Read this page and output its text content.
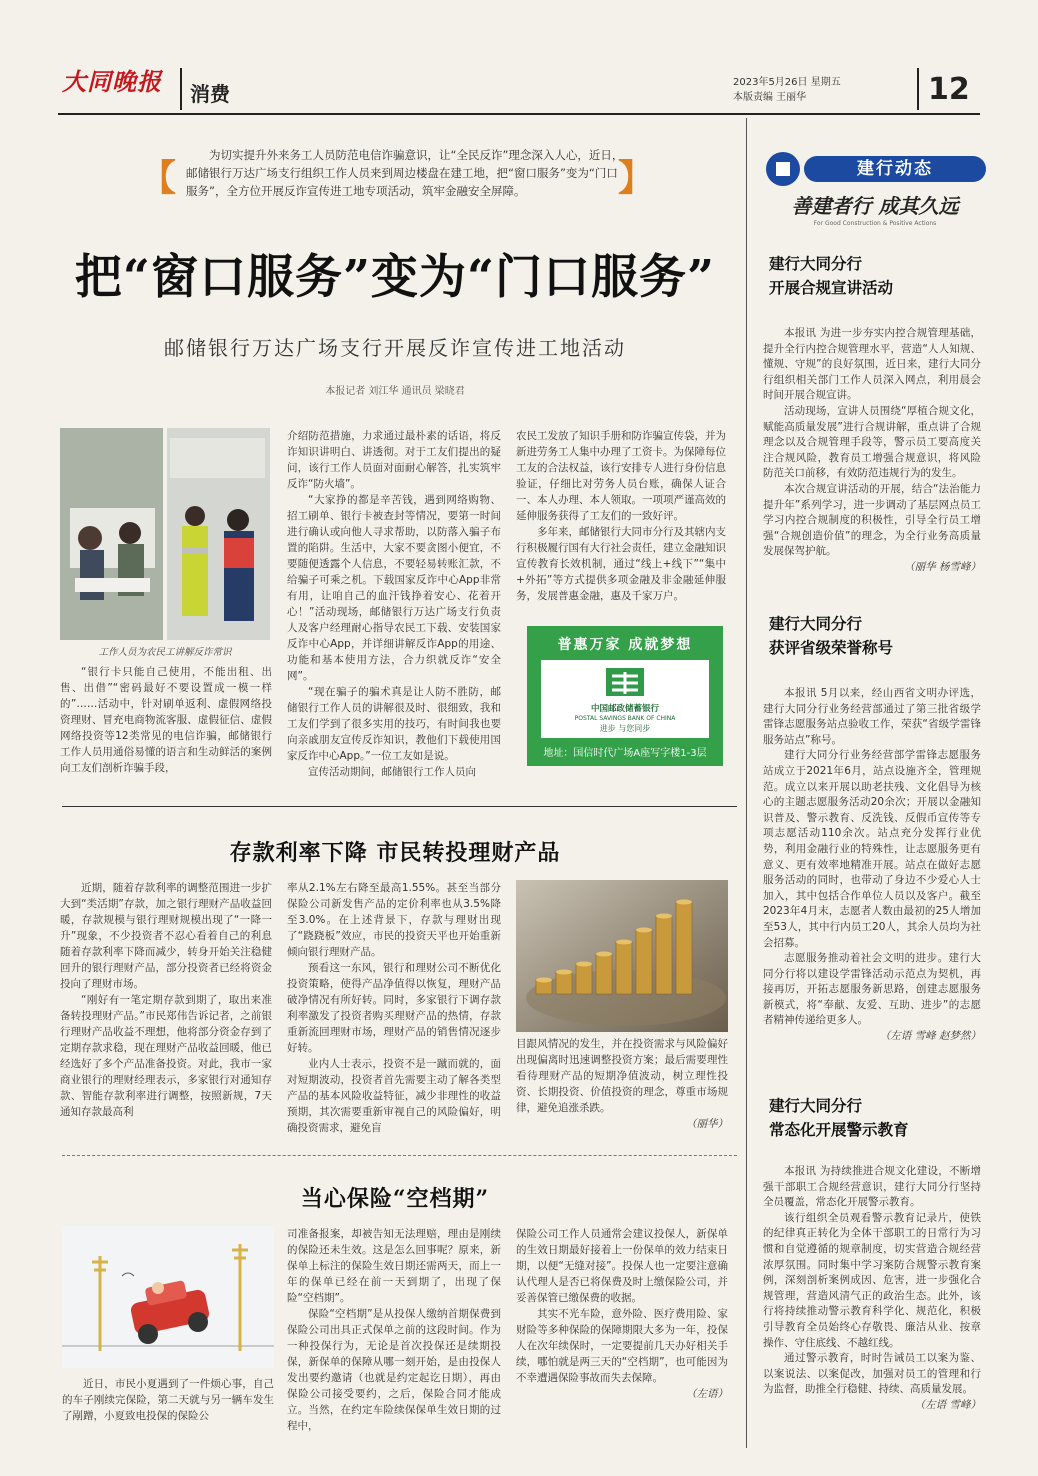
大同晚报	消费	2023年5月26日 星期五
本版责编 王丽华	12
【	】
为切实提升外来务工人员防范电信诈骗意识，让“全民反诈”理念深入人心，近日，邮储银行万达广场支行组织工作人员来到周边楼盘在建工地，把“窗口服务”变为“门口服务”，全方位开展反诈宣传进工地专项活动，筑牢金融安全屏障。
把“窗口服务”变为“门口服务”
邮储银行万达广场支行开展反诈宣传进工地活动
本报记者 刘江华 通讯员 梁晓君
工作人员为农民工讲解反诈常识

“银行卡只能自己使用，不能出租、出售、出借”“密码最好不要设置成一模一样的”……活动中，针对刷单返利、虚假网络投资理财、冒充电商物流客服、虚假征信、虚假网络投资等12类常见的电信诈骗，邮储银行工作人员用通俗易懂的语言和生动鲜活的案例向工友们剖析诈骗手段，

介绍防范措施，力求通过最朴素的话语，将反诈知识讲明白、讲透彻。对于工友们提出的疑问，该行工作人员面对面耐心解答，扎实筑牢反诈“防火墙”。

“大家挣的都是辛苦钱，遇到网络购物、招工刷单、银行卡被查封等情况，要第一时间进行确认或向他人寻求帮助，以防落入骗子布置的陷阱。生活中，大家不要贪图小便宜，不要随便透露个人信息，不要轻易转账汇款，不给骗子可乘之机。下载国家反诈中心App非常有用，让咱自己的血汗钱挣着安心、花着开心！”活动现场，邮储银行万达广场支行负责人及客户经理耐心指导农民工下载、安装国家反诈中心App，并详细讲解反诈App的用途、功能和基本使用方法，合力织就反诈“安全网”。

“现在骗子的骗术真是让人防不胜防，邮储银行工作人员的讲解很及时、很细致，我和工友们学到了很多实用的技巧，有时间我也要向亲戚朋友宣传反诈知识，教他们下载使用国家反诈中心App。”一位工友如是说。

宣传活动期间，邮储银行工作人员向

农民工发放了知识手册和防诈骗宣传袋，并为新进劳务工人集中办理了工资卡。为保障每位工友的合法权益，该行安排专人进行身份信息验证，仔细比对劳务人员台账，确保人证合一、本人办理、本人领取。一项项严谨高效的延伸服务获得了工友们的一致好评。

多年来，邮储银行大同市分行及其辖内支行积极履行国有大行社会责任，建立金融知识宣传教育长效机制，通过“线上+线下”“集中+外拓”等方式提供多项金融及非金融延伸服务，发展普惠金融，惠及千家万户。

普惠万家 成就梦想
中国邮政储蓄银行
POSTAL SAVINGS BANK OF CHINA
进步 与您同步
地址：国信时代广场A座写字楼1-3层
存款利率下降 市民转投理财产品

近期，随着存款利率的调整范围进一步扩大到“类活期”存款，加之银行理财产品收益回暖，存款规模与银行理财规模出现了“一降一升”现象，不少投资者不忍心看着自己的利息随着存款利率下降而减少，转身开始关注稳健回升的银行理财产品，部分投资者已经将资金投向了理财市场。

“刚好有一笔定期存款到期了，取出来准备转投理财产品。”市民郑伟告诉记者，之前银行理财产品收益不理想，他将部分资金存到了定期存款求稳，现在理财产品收益回暖，他已经选好了多个产品准备投资。对此，我市一家商业银行的理财经理表示，多家银行对通知存款、智能存款利率进行调整，按照新规，7天通知存款最高利

率从2.1%左右降至最高1.55%。甚至当部分保险公司新发售产品的定价利率也从3.5%降至3.0%。在上述背景下，存款与理财出现了“跷跷板”效应，市民的投资天平也开始重新倾向银行理财产品。

预看这一东风，银行和理财公司不断优化投资策略，使得产品净值得以恢复，理财产品破净情况有所好转。同时，多家银行下调存款利率激发了投资者购买理财产品的热情，存款重新流回理财市场，理财产品的销售情况逐步好转。

业内人士表示，投资不是一蹴而就的，面对短期波动，投资者首先需要主动了解各类型产品的基本风险收益特征，减少非理性的收益预期，其次需要重新审视自己的风险偏好，明确投资需求，避免盲

目跟风情况的发生，并在投资需求与风险偏好出现偏离时迅速调整投资方案；最后需要理性看待理财产品的短期净值波动，树立理性投资、长期投资、价值投资的理念，尊重市场规律，避免追涨杀跌。

（丽华）
当心保险“空档期”

近日，市民小夏遇到了一件烦心事，自己的车子刚续完保险，第二天就与另一辆车发生了剐蹭，小夏致电投保的保险公

司准备报案，却被告知无法理赔，理由是刚续的保险还未生效。这是怎么回事呢？原来，新保单上标注的保险生效日期还需两天，而上一年的保单已经在前一天到期了，出现了保险“空档期”。

保险“空档期”是从投保人缴纳首期保费到保险公司出具正式保单之前的这段时间。作为一种投保行为，无论是首次投保还是续期投保，新保单的保障从哪一刻开始，是由投保人发出要约邀请（也就是约定起讫日期），再由保险公司接受要约，之后，保险合同才能成立。当然，在约定车险续保保单生效日期的过程中，

保险公司工作人员通常会建议投保人，新保单的生效日期最好接着上一份保单的效力结束日期，以便“无缝对接”。投保人也一定要注意确认代理人是否已将保费及时上缴保险公司，并妥善保管已缴保费的收据。

其实不光车险，意外险、医疗费用险、家财险等多种保险的保障期限大多为一年，投保人在次年续保时，一定要提前几天办好相关手续，哪怕就是两三天的“空档期”，也可能因为不幸遭遇保险事故而失去保障。

（左语）
建行动态
善建者行 成其久远
For Good Construction & Positive Actions
建行大同分行
开展合规宣讲活动

本报讯 为进一步夯实内控合规管理基础，提升全行内控合规管理水平，营造“人人知规、懂规、守规”的良好氛围，近日来，建行大同分行组织相关部门工作人员深入网点，利用晨会时间开展合规宣讲。

活动现场，宣讲人员围绕“厚植合规文化，赋能高质量发展”进行合规讲解，重点讲了合规理念以及合规管理手段等，警示员工要高度关注合规风险，教育员工增强合规意识，将风险防范关口前移，有效防范违规行为的发生。

本次合规宣讲活动的开展，结合“法治能力提升年”系列学习，进一步调动了基层网点员工学习内控合规制度的积极性，引导全行员工增强“合规创造价值”的理念，为全行业务高质量发展保驾护航。

（丽华 杨雪峰）
建行大同分行
获评省级荣誉称号

本报讯 5月以来，经山西省文明办评选，建行大同分行业务经营部通过了第三批省级学雷锋志愿服务站点验收工作，荣获“省级学雷锋服务站点”称号。

建行大同分行业务经营部学雷锋志愿服务站成立于2021年6月，站点设施齐全，管理规范。成立以来开展以助老扶残、文化倡导为核心的主题志愿服务活动20余次；开展以金融知识普及、警示教育、反洗钱、反假币宣传等专项志愿活动110余次。站点充分发挥行业优势，利用金融行业的特殊性，让志愿服务更有意义、更有效率地精准开展。站点在做好志愿服务活动的同时，也带动了身边不少爱心人士加入，其中包括合作单位人员以及客户。截至2023年4月末，志愿者人数由最初的25人增加至53人，其中行内员工20人，其余人员均为社会招募。

志愿服务推动着社会文明的进步。建行大同分行将以建设学雷锋活动示范点为契机，再接再厉，开拓志愿服务新思路，创建志愿服务新模式，将“奉献、友爱、互助、进步”的志愿者精神传递给更多人。

（左语 雪峰 赵梦然）
建行大同分行
常态化开展警示教育

本报讯 为持续推进合规文化建设，不断增强干部职工合规经营意识，建行大同分行坚持全员覆盖，常态化开展警示教育。

该行组织全员观看警示教育记录片，使铁的纪律真正转化为全体干部职工的日常行为习惯和自觉遵循的规章制度，切实营造合规经营浓厚氛围。同时集中学习案防合规警示教育案例，深刻剖析案例成因、危害，进一步强化合规管理，营造风清气正的政治生态。此外，该行将持续推动警示教育科学化、规范化，积极引导教育全员始终心存敬畏、廉洁从业、按章操作、守住底线、不越红线。

通过警示教育，时时告诫员工以案为鉴、以案说法、以案促改，加强对员工的管理和行为监督，助推全行稳健、持续、高质量发展。

（左语 雪峰）
